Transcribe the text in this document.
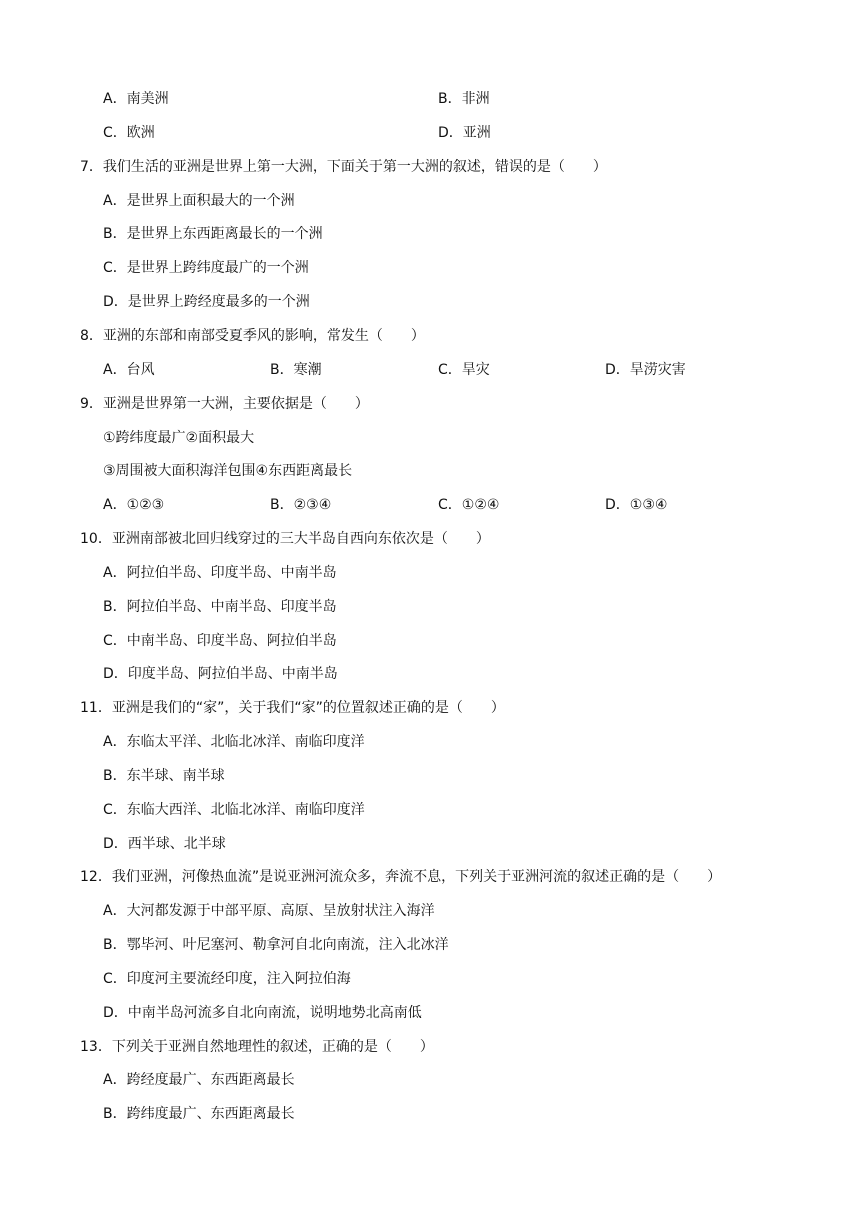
A．南美洲	B．非洲
C．欧洲	D．亚洲
7．我们生活的亚洲是世界上第一大洲，下面关于第一大洲的叙述，错误的是（　　）
A．是世界上面积最大的一个洲
B．是世界上东西距离最长的一个洲
C．是世界上跨纬度最广的一个洲
D．是世界上跨经度最多的一个洲
8．亚洲的东部和南部受夏季风的影响，常发生（　　）
A．台风	B．寒潮	C．旱灾	D．旱涝灾害
9．亚洲是世界第一大洲，主要依据是（　　）
①跨纬度最广②面积最大
③周围被大面积海洋包围④东西距离最长
A．①②③	B．②③④	C．①②④	D．①③④
10．亚洲南部被北回归线穿过的三大半岛自西向东依次是（　　）
A．阿拉伯半岛、印度半岛、中南半岛
B．阿拉伯半岛、中南半岛、印度半岛
C．中南半岛、印度半岛、阿拉伯半岛
D．印度半岛、阿拉伯半岛、中南半岛
11．亚洲是我们的“家”，关于我们“家”的位置叙述正确的是（　　）
A．东临太平洋、北临北冰洋、南临印度洋
B．东半球、南半球
C．东临大西洋、北临北冰洋、南临印度洋
D．西半球、北半球
12．我们亚洲，河像热血流”是说亚洲河流众多，奔流不息，下列关于亚洲河流的叙述正确的是（　　）
A．大河都发源于中部平原、高原、呈放射状注入海洋
B．鄂毕河、叶尼塞河、勒拿河自北向南流，注入北冰洋
C．印度河主要流经印度，注入阿拉伯海
D．中南半岛河流多自北向南流，说明地势北高南低
13．下列关于亚洲自然地理性的叙述，正确的是（　　）
A．跨经度最广、东西距离最长
B．跨纬度最广、东西距离最长
